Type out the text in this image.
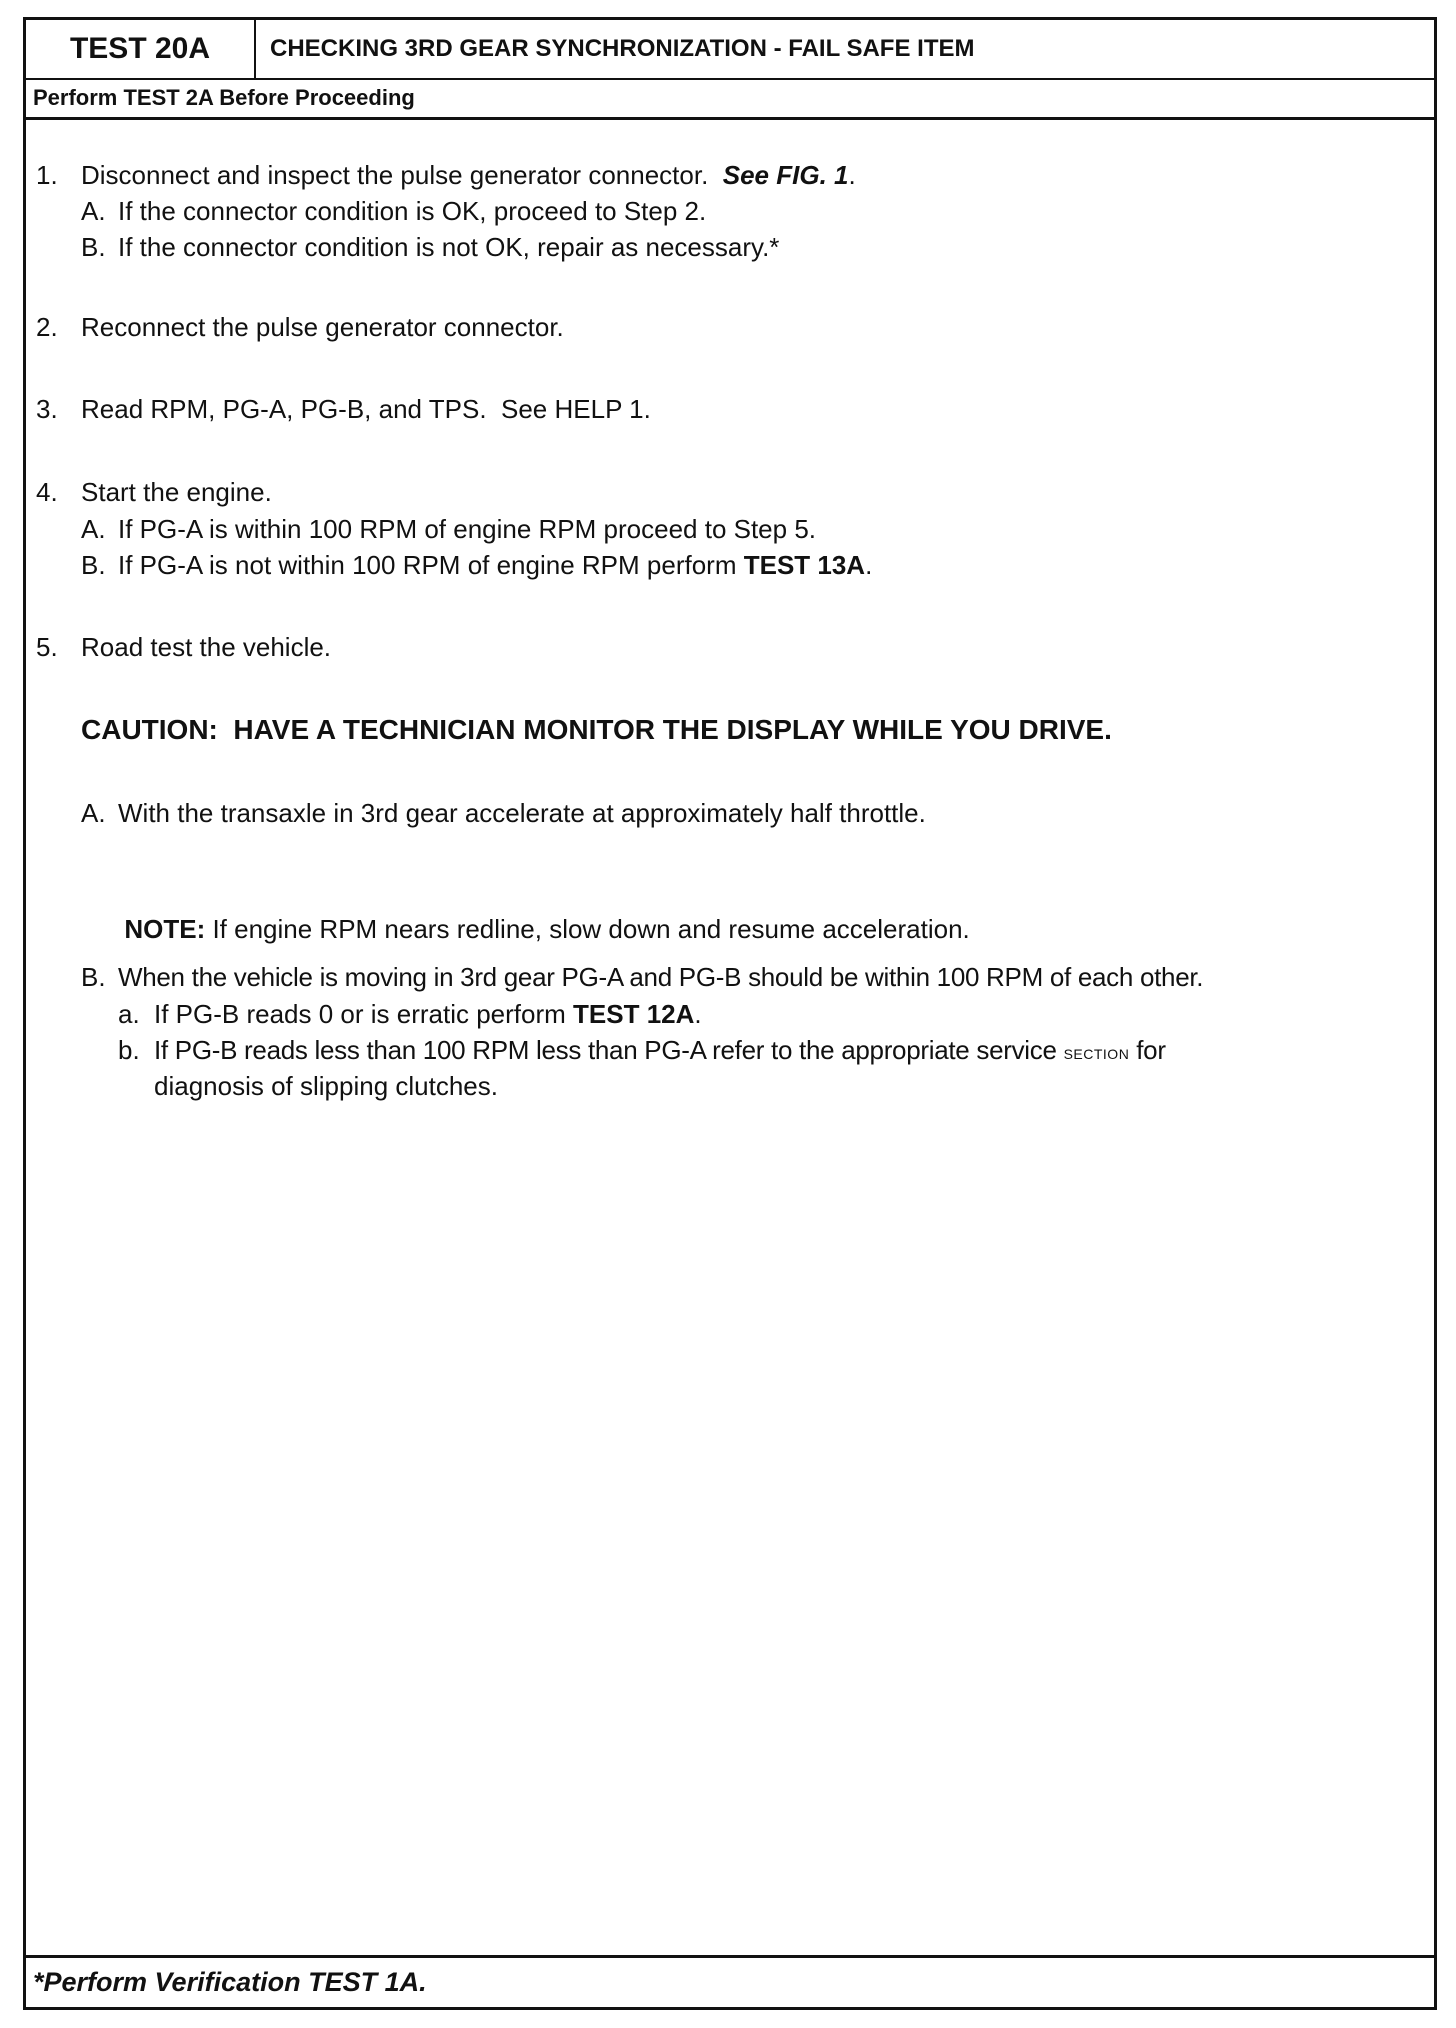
TEST 20A	CHECKING 3RD GEAR SYNCHRONIZATION - FAIL SAFE ITEM
Perform TEST 2A Before Proceeding
1. Disconnect and inspect the pulse generator connector. See FIG. 1.
A. If the connector condition is OK, proceed to Step 2.
B. If the connector condition is not OK, repair as necessary.*
2. Reconnect the pulse generator connector.
3. Read RPM, PG-A, PG-B, and TPS.  See HELP 1.
4. Start the engine.
A. If PG-A is within 100 RPM of engine RPM proceed to Step 5.
B. If PG-A is not within 100 RPM of engine RPM perform TEST 13A.
5. Road test the vehicle.
CAUTION:  HAVE A TECHNICIAN MONITOR THE DISPLAY WHILE YOU DRIVE.
A. With the transaxle in 3rd gear accelerate at approximately half throttle.

NOTE: If engine RPM nears redline, slow down and resume acceleration.

B. When the vehicle is moving in 3rd gear PG-A and PG-B should be within 100 RPM of each other.
a. If PG-B reads 0 or is erratic perform TEST 12A.
b. If PG-B reads less than 100 RPM less than PG-A refer to the appropriate service section for
diagnosis of slipping clutches.
*Perform Verification TEST 1A.
